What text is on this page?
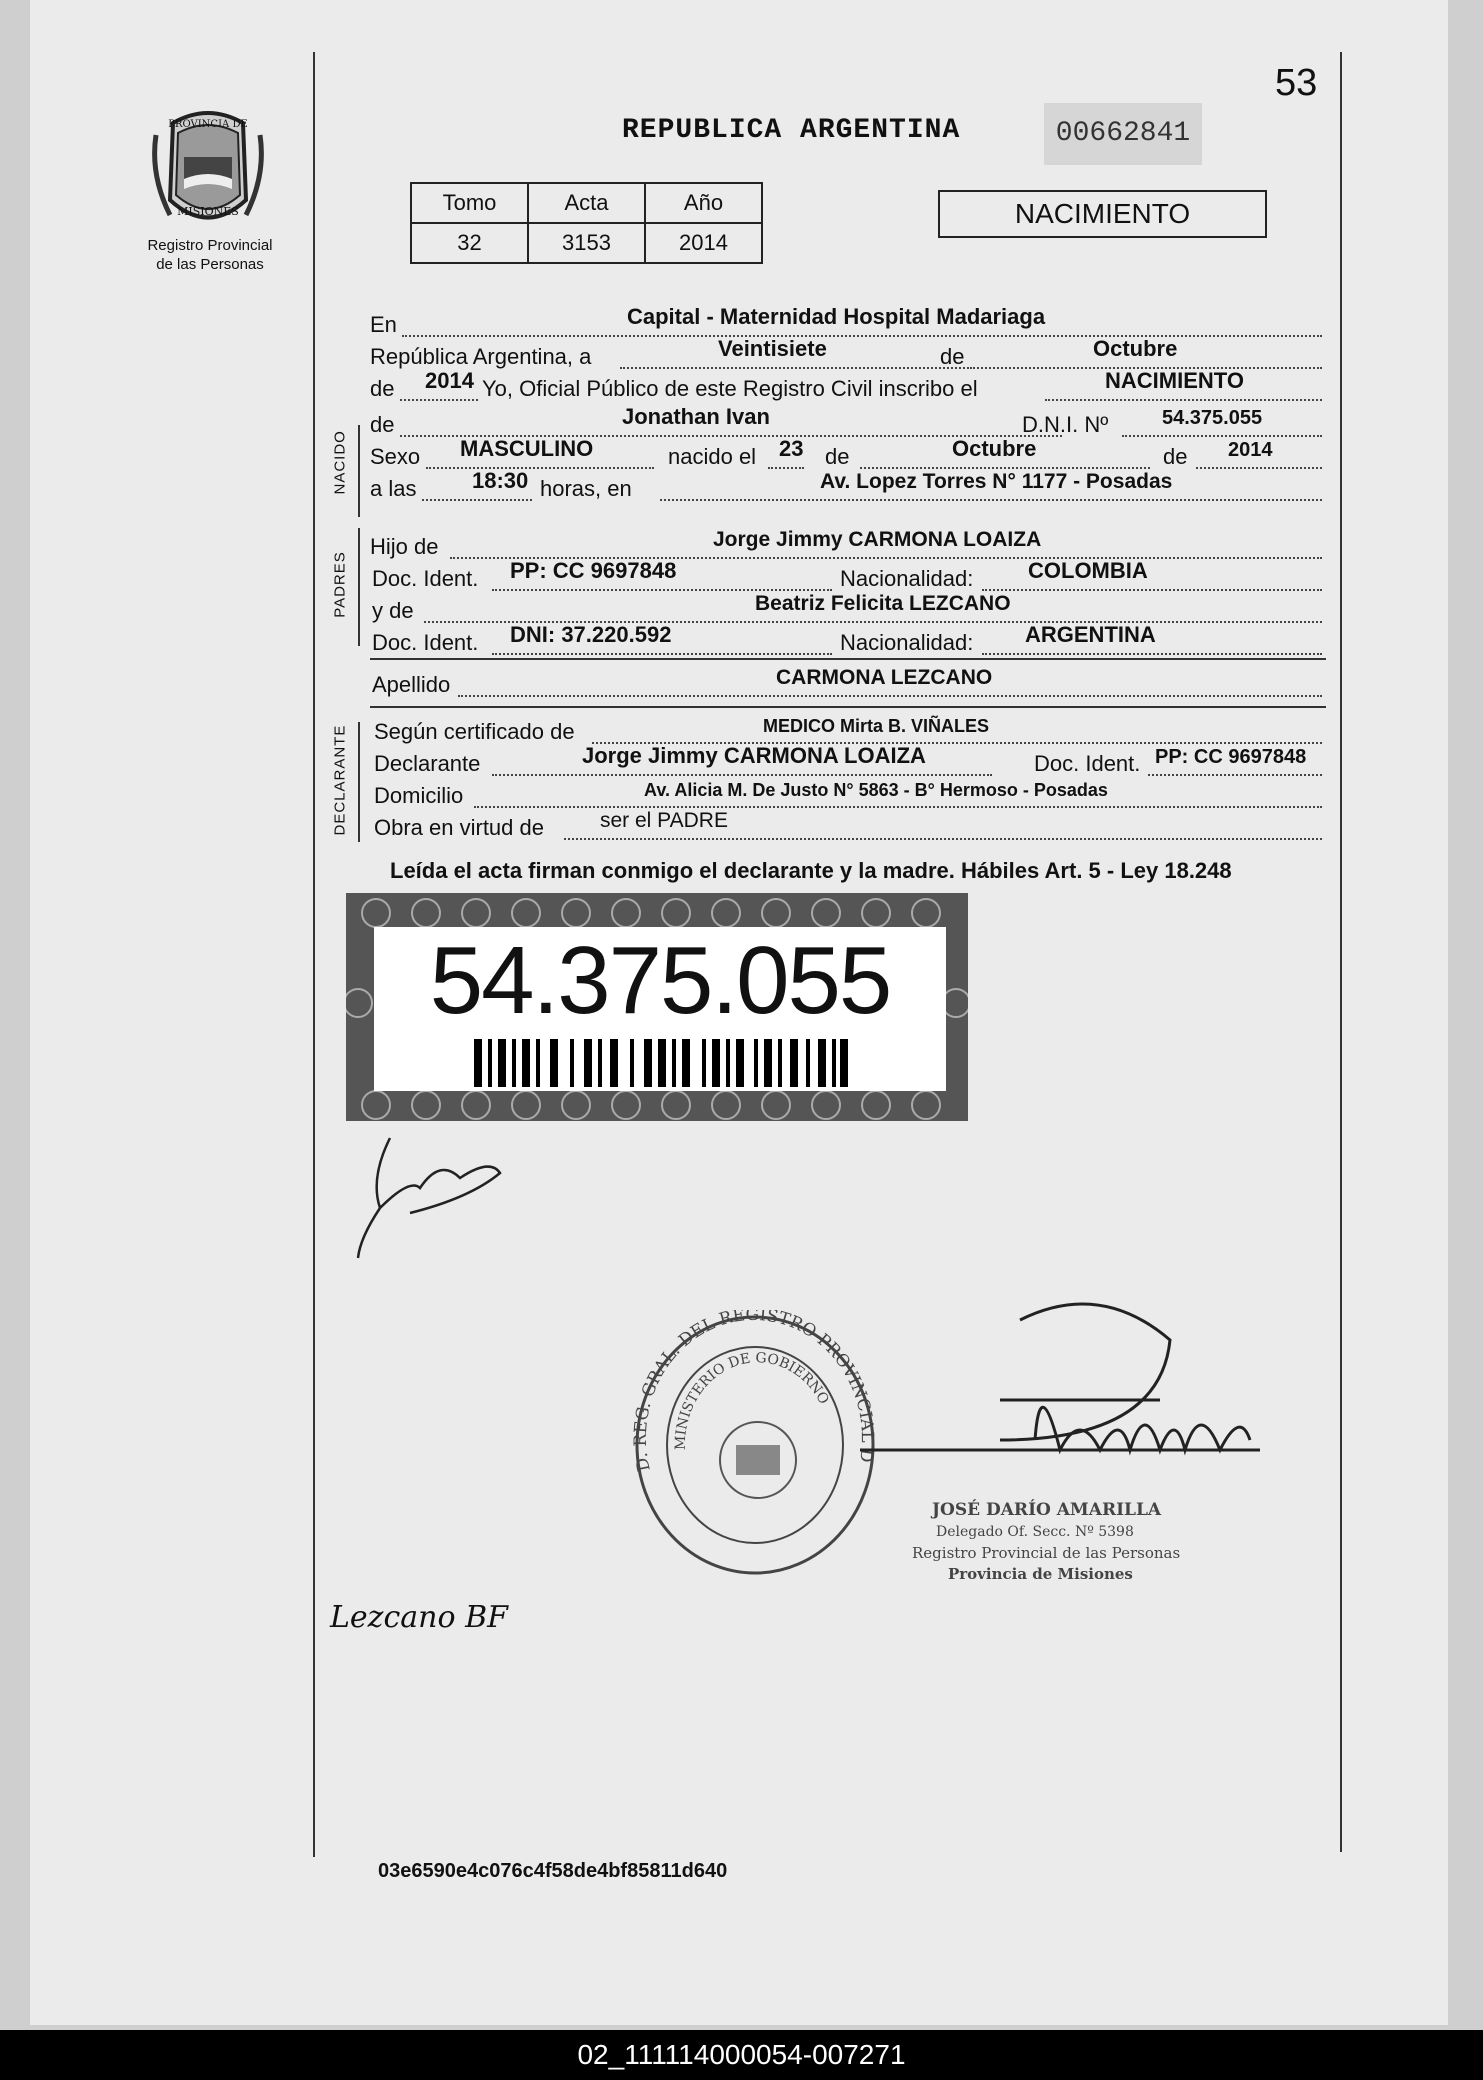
53
PROVINCIA DE
MISIONES
Registro Provincial
de las Personas
REPUBLICA ARGENTINA	00662841
Tomo	Acta	Año
32	3153	2014
NACIMIENTO
En	Capital - Maternidad Hospital Madariaga
República Argentina, a	Veintisiete	de	Octubre
de 2014 Yo, Oficial Público de este Registro Civil inscribo el	NACIMIENTO
NACIDO
de	Jonathan Ivan	D.N.I. Nº	54.375.055
Sexo MASCULINO	nacido el 23 de	Octubre	de 2014
a las	18:30 horas, en	Av. Lopez Torres N° 1177 - Posadas
PADRES
Hijo de	Jorge Jimmy CARMONA LOAIZA
Doc. Ident. PP: CC 9697848	Nacionalidad: COLOMBIA
y de	Beatriz Felicita LEZCANO
Doc. Ident. DNI: 37.220.592	Nacionalidad: ARGENTINA
Apellido	CARMONA LEZCANO
DECLARANTE Según certificado de	MEDICO Mirta B. VIÑALES
Declarante	Jorge Jimmy CARMONA LOAIZA	Doc. Ident. PP: CC 9697848
Domicilio	Av. Alicia M. De Justo N° 5863 - B° Hermoso - Posadas
Obra en virtud de	ser el PADRE
Leída el acta firman conmigo el declarante y la madre. Hábiles Art. 5 - Ley 18.248
54.375.055
D. REG. GRAL. DEL REGISTRO PROVINCIAL D
MINISTERIO DE GOBIERNO
JOSÉ DARÍO AMARILLA
Delegado Of. Secc. Nº 5398
Registro Provincial de las Personas
Provincia de Misiones
Lezcano BF
03e6590e4c076c4f58de4bf85811d640
02_111114000054-007271
